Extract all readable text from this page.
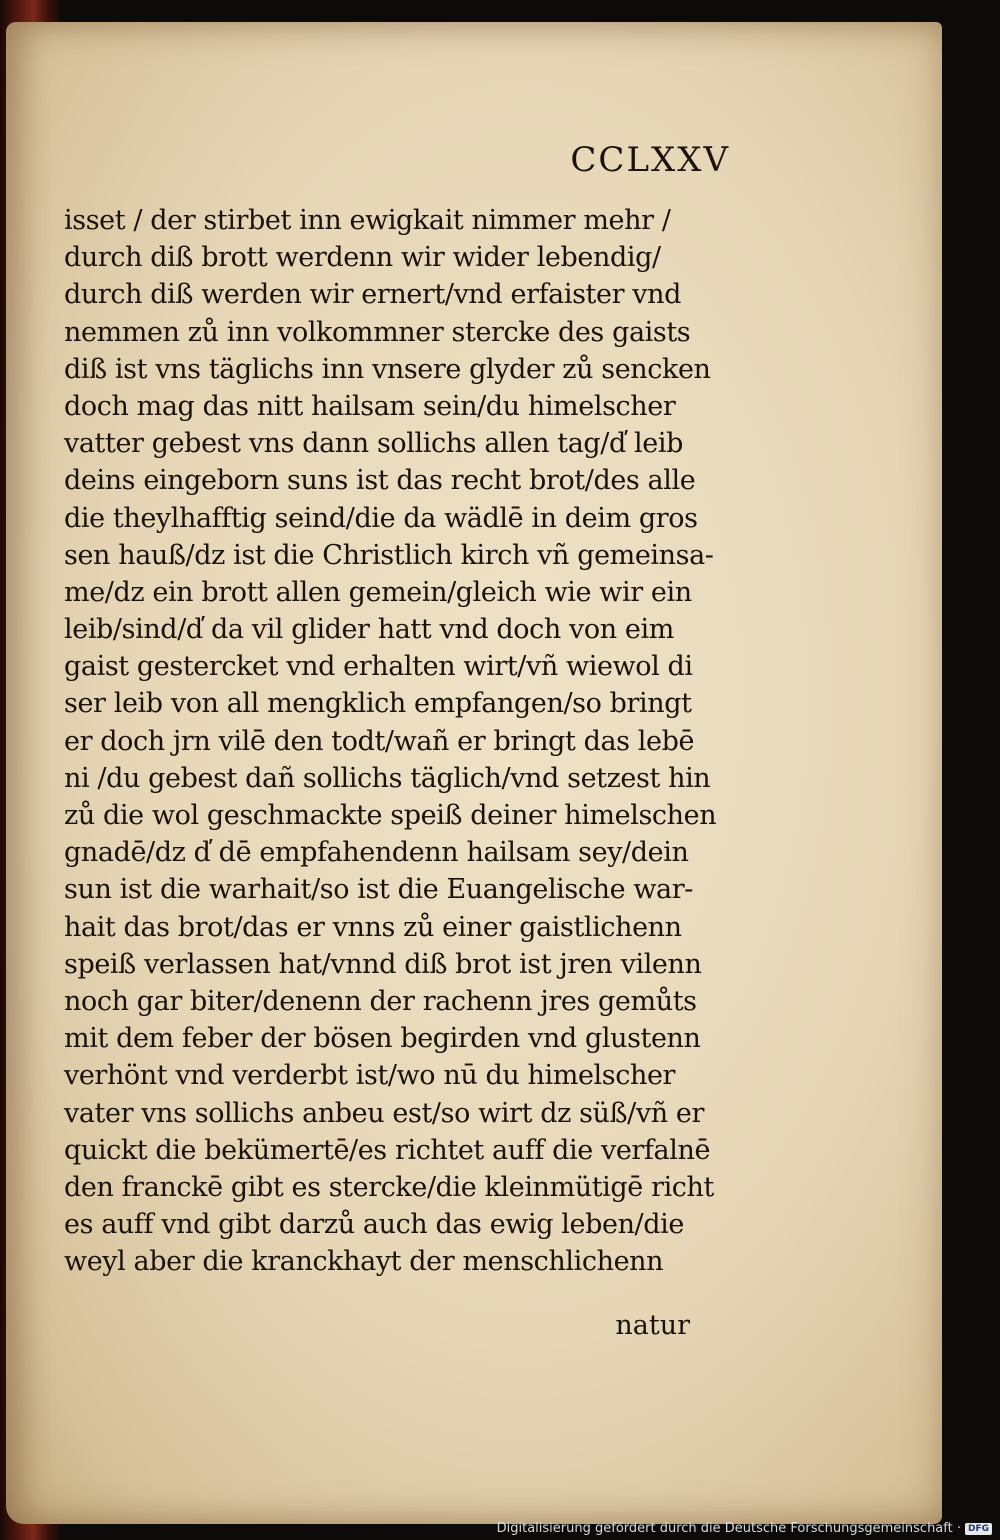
CCLXXV
isset / der stirbet inn ewigkait nimmer mehr /
durch diß brott werdenn wir wider lebendig/
durch diß werden wir ernert/vnd erfaister vnd
nemmen zů inn volkommner stercke des gaists
diß ist vns täglichs inn vnsere glyder zů sencken
doch mag das nitt hailsam sein/du himelscher
vatter gebest vns dann sollichs allen tag/d̕ leib
deins eingeborn suns ist das recht brot/des alle
die theylhafftig seind/die da wädlē in deim gros
sen hauß/dz ist die Christlich kirch vñ gemeinsa-
me/dz ein brott allen gemein/gleich wie wir ein
leib/sind/d̕ da vil glider hatt vnd doch von eim
gaist gestercket vnd erhalten wirt/vñ wiewol di
ser leib von all mengklich empfangen/so bringt
er doch jrn vilē den todt/wañ er bringt das lebē
ni /du gebest dañ sollichs täglich/vnd setzest hin
zů die wol geschmackte speiß deiner himelschen
gnadē/dz d̕ dē empfahendenn hailsam sey/dein
sun ist die warhait/so ist die Euangelische war-
hait das brot/das er vnns zů einer gaistlichenn
speiß verlassen hat/vnnd diß brot ist jren vilenn
noch gar biter/denenn der rachenn jres gemůts
mit dem feber der bösen begirden vnd glustenn
verhönt vnd verderbt ist/wo nū du himelscher
vater vns sollichs anbeu est/so wirt dz süß/vñ er
quickt die bekümertē/es richtet auff die verfalnē
den franckē gibt es stercke/die kleinmütigē richt
es auff vnd gibt darzů auch das ewig leben/die
weyl aber die kranckhayt der menschlichenn
natur
Digitalisierung gefördert durch die Deutsche Forschungsgemeinschaft · DFG
